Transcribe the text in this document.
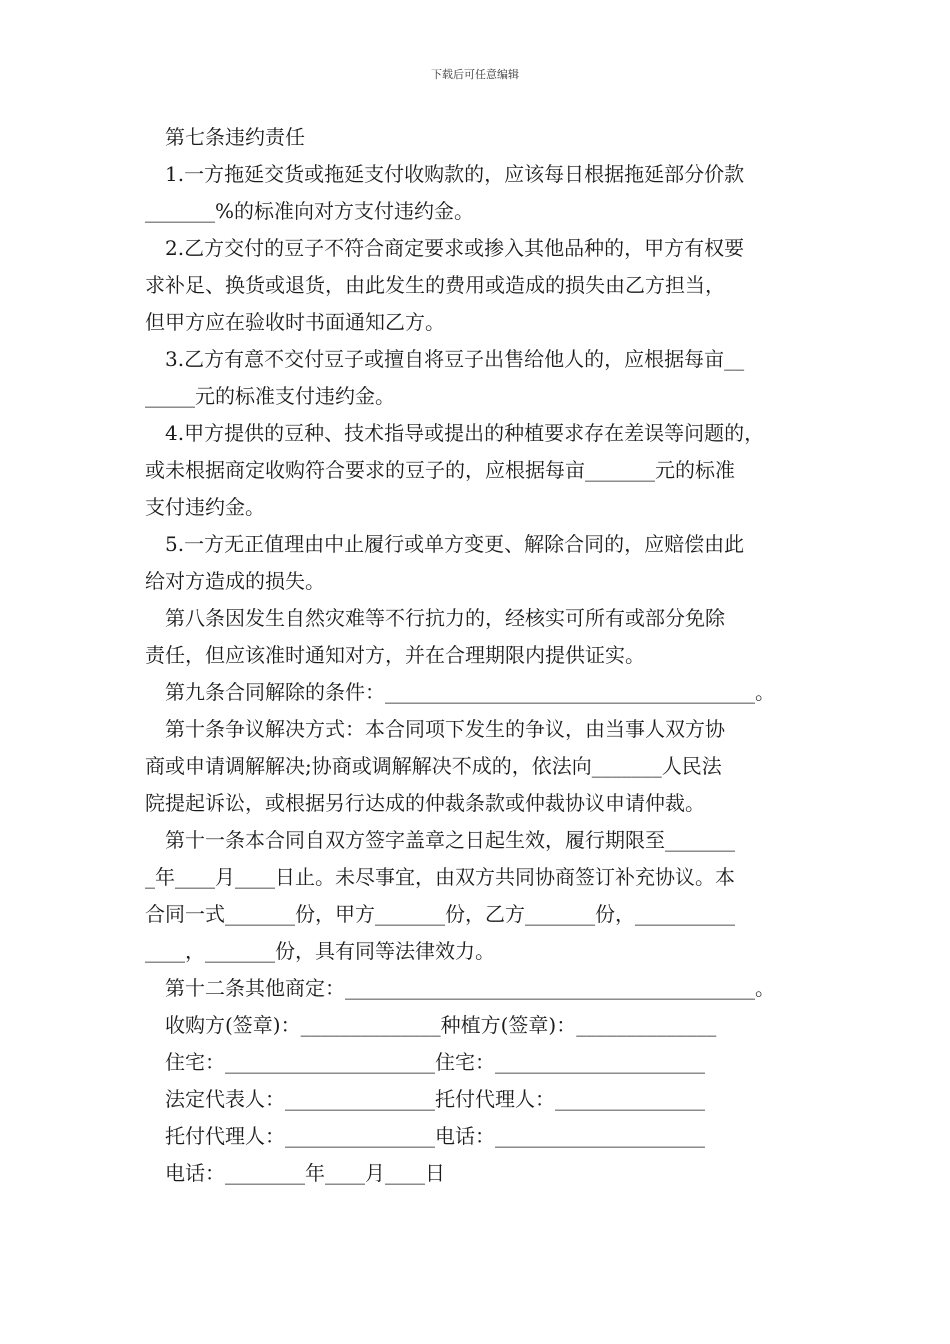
下载后可任意编辑
第七条违约责任
1.一方拖延交货或拖延支付收购款的，应该每日根据拖延部分价款
_______%的标准向对方支付违约金。
2.乙方交付的豆子不符合商定要求或掺入其他品种的，甲方有权要
求补足、换货或退货，由此发生的费用或造成的损失由乙方担当，
但甲方应在验收时书面通知乙方。
3.乙方有意不交付豆子或擅自将豆子出售给他人的，应根据每亩__
_____元的标准支付违约金。
4.甲方提供的豆种、技术指导或提出的种植要求存在差误等问题的，
或未根据商定收购符合要求的豆子的，应根据每亩_______元的标准
支付违约金。
5.一方无正值理由中止履行或单方变更、解除合同的，应赔偿由此
给对方造成的损失。
第八条因发生自然灾难等不行抗力的，经核实可所有或部分免除
责任，但应该准时通知对方，并在合理期限内提供证实。
第九条合同解除的条件：_____________________________________。
第十条争议解决方式：本合同项下发生的争议，由当事人双方协
商或申请调解解决;协商或调解解决不成的，依法向_______人民法
院提起诉讼，或根据另行达成的仲裁条款或仲裁协议申请仲裁。
第十一条本合同自双方签字盖章之日起生效，履行期限至_______
_年____月____日止。未尽事宜，由双方共同协商签订补充协议。本
合同一式_______份，甲方_______份，乙方_______份，__________
____，_______份，具有同等法律效力。
第十二条其他商定：_________________________________________。
收购方(签章)：______________种植方(签章)：______________
住宅：_____________________住宅：_____________________
法定代表人：_______________托付代理人：_______________
托付代理人：_______________电话：_____________________
电话：________年____月____日
